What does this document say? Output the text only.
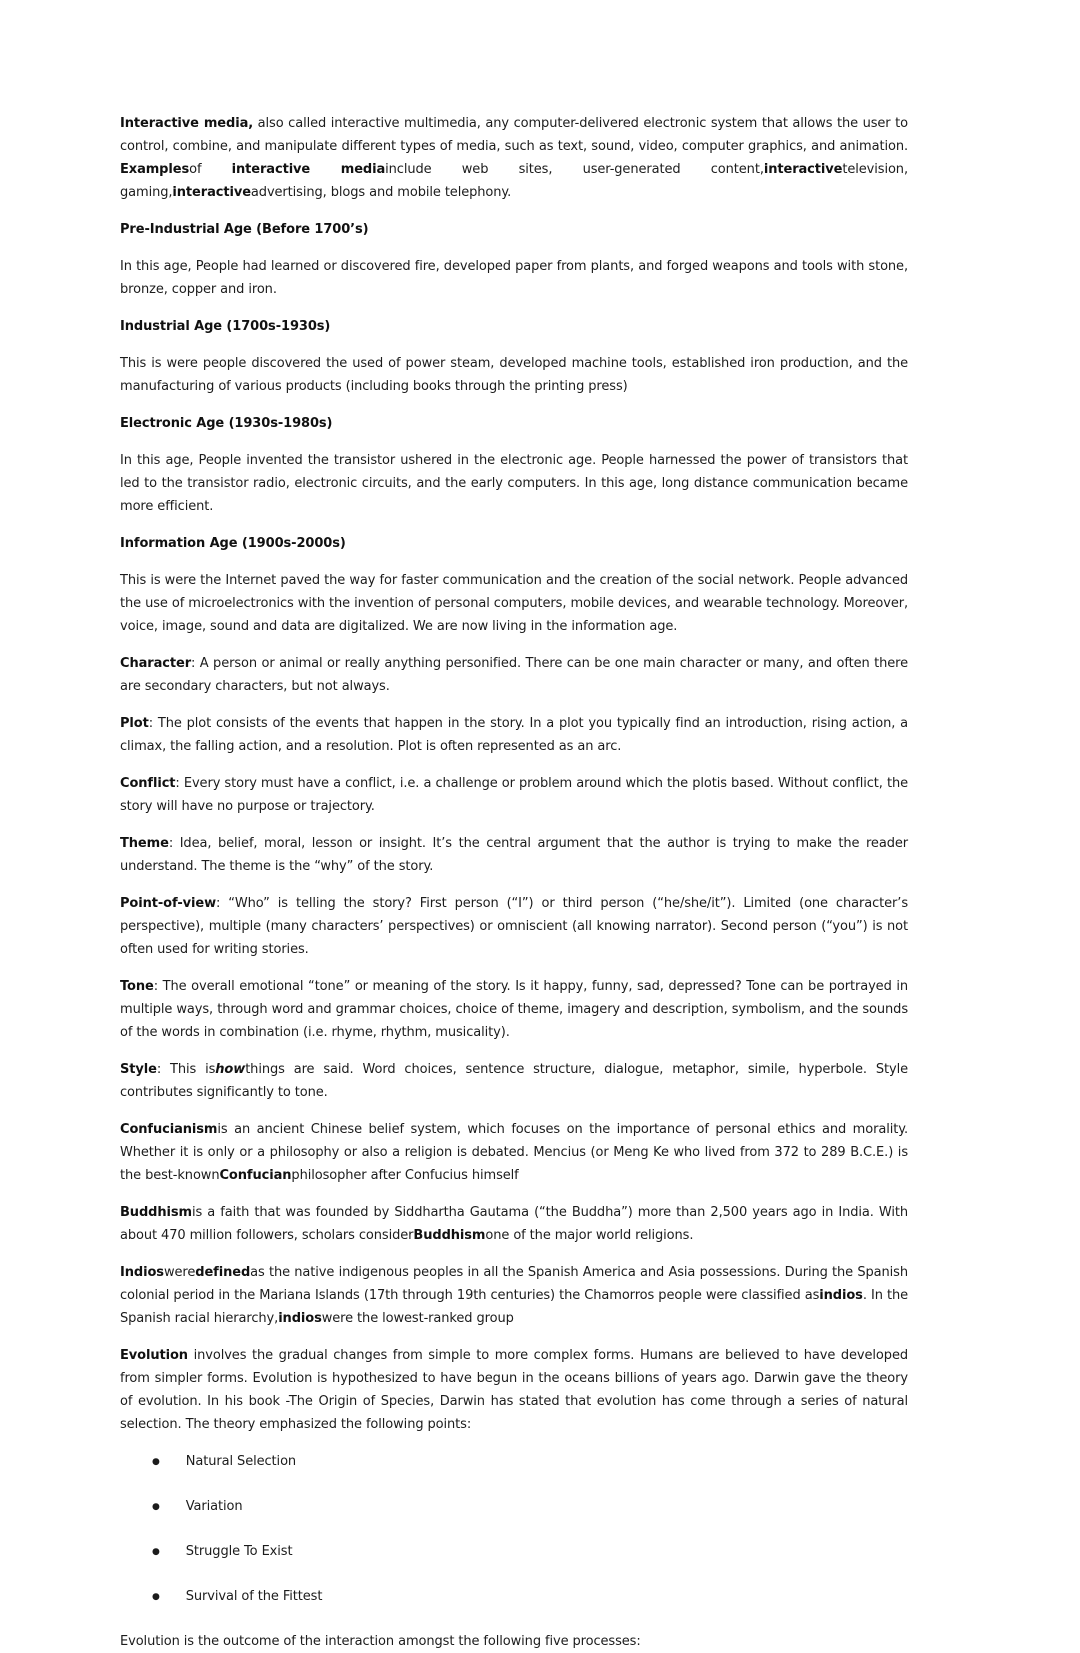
Interactive media, also called interactive multimedia, any computer-delivered electronic system that allows the user to control, combine, and manipulate different types of media, such as text, sound, video, computer graphics, and animation. Examplesof interactive mediainclude web sites, user-generated content,interactivetelevision, gaming,interactiveadvertising, blogs and mobile telephony.

Pre-Industrial Age (Before 1700’s)

In this age, People had learned or discovered fire, developed paper from plants, and forged weapons and tools with stone, bronze, copper and iron.

Industrial Age (1700s-1930s)

This is were people discovered the used of power steam, developed machine tools, established iron production, and the manufacturing of various products (including books through the printing press)

Electronic Age (1930s-1980s)

In this age, People invented the transistor ushered in the electronic age. People harnessed the power of transistors that led to the transistor radio, electronic circuits, and the early computers. In this age, long distance communication became more efficient.

Information Age (1900s-2000s)

This is were the Internet paved the way for faster communication and the creation of the social network. People advanced the use of microelectronics with the invention of personal computers, mobile devices, and wearable technology. Moreover, voice, image, sound and data are digitalized. We are now living in the information age.

Character: A person or animal or really anything personified. There can be one main character or many, and often there are secondary characters, but not always.

Plot: The plot consists of the events that happen in the story. In a plot you typically find an introduction, rising action, a climax, the falling action, and a resolution. Plot is often represented as an arc.

Conflict: Every story must have a conflict, i.e. a challenge or problem around which the plotis based. Without conflict, the story will have no purpose or trajectory.

Theme: Idea, belief, moral, lesson or insight. It’s the central argument that the author is trying to make the reader understand. The theme is the “why” of the story.

Point-of-view: “Who” is telling the story? First person (“I”) or third person (“he/she/it”). Limited (one character’s perspective), multiple (many characters’ perspectives) or omniscient (all knowing narrator). Second person (“you”) is not often used for writing stories.

Tone: The overall emotional “tone” or meaning of the story. Is it happy, funny, sad, depressed? Tone can be portrayed in multiple ways, through word and grammar choices, choice of theme, imagery and description, symbolism, and the sounds of the words in combination (i.e. rhyme, rhythm, musicality).

Style: This ishowthings are said. Word choices, sentence structure, dialogue, metaphor, simile, hyperbole. Style contributes significantly to tone.

Confucianismis an ancient Chinese belief system, which focuses on the importance of personal ethics and morality. Whether it is only or a philosophy or also a religion is debated. Mencius (or Meng Ke who lived from 372 to 289 B.C.E.) is the best-knownConfucianphilosopher after Confucius himself

Buddhismis a faith that was founded by Siddhartha Gautama (“the Buddha”) more than 2,500 years ago in India. With about 470 million followers, scholars considerBuddhismone of the major world religions.

Indiosweredefinedas the native indigenous peoples in all the Spanish America and Asia possessions. During the Spanish colonial period in the Mariana Islands (17th through 19th centuries) the Chamorros people were classified asindios. In the Spanish racial hierarchy,indioswere the lowest-ranked group

Evolution involves the gradual changes from simple to more complex forms. Humans are believed to have developed from simpler forms. Evolution is hypothesized to have begun in the oceans billions of years ago. Darwin gave the theory of evolution. In his book -The Origin of Species, Darwin has stated that evolution has come through a series of natural selection. The theory emphasized the following points:

● Natural Selection

● Variation

● Struggle To Exist

● Survival of the Fittest

Evolution is the outcome of the interaction amongst the following five processes:
